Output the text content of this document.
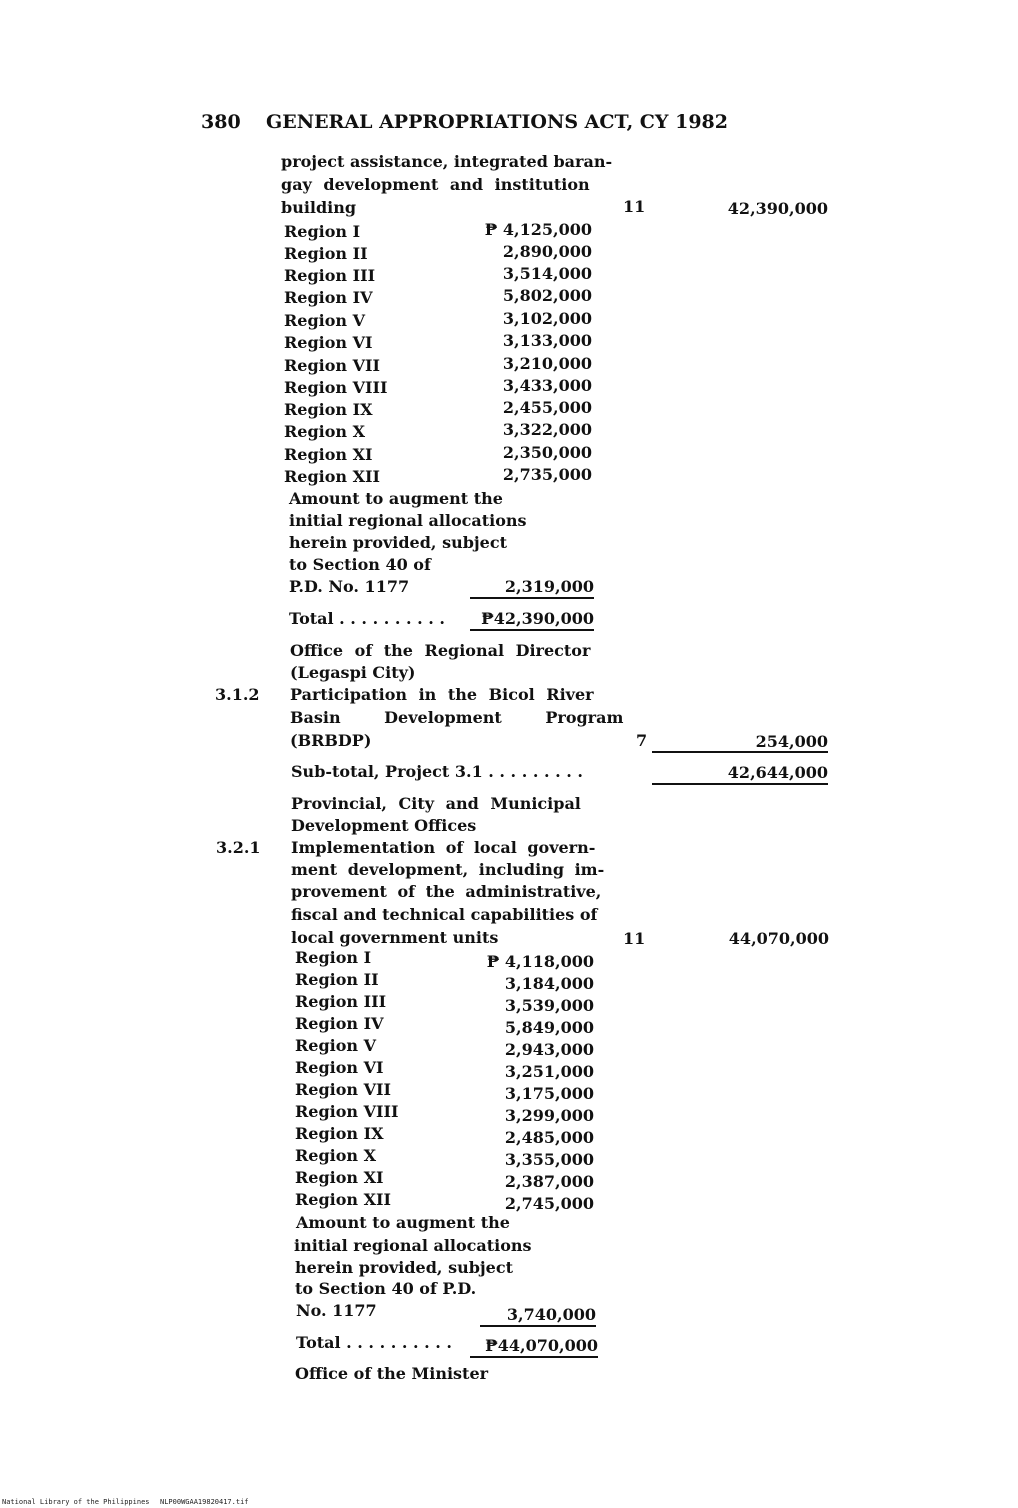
380 GENERAL APPROPRIATIONS ACT, CY 1982
project assistance, integrated baran-
gay development and institution
building	11	42,390,000
Region I	₱ 4,125,000
Region II	2,890,000
Region III	3,514,000
Region IV	5,802,000
Region V	3,102,000
Region VI	3,133,000
Region VII	3,210,000
Region VIII	3,433,000
Region IX	2,455,000
Region X	3,322,000
Region XI	2,350,000
Region XII	2,735,000
Amount to augment the
initial regional allocations
herein provided, subject
to Section 40 of
P.D. No. 1177	2,319,000
Total . . . . . . . . . .	₱42,390,000
Office of the Regional Director
(Legaspi City)
3.1.2 Participation in the Bicol River
Basin Development Program
(BRBDP)	7	254,000
Sub-total, Project 3.1 . . . . . . . . .	42,644,000
Provincial, City and Municipal
Development Offices
3.2.1 Implementation of local govern-
ment development, including im-
provement of the administrative,
fiscal and technical capabilities of
local government units	11	44,070,000
Region I	₱ 4,118,000
Region II	3,184,000
Region III	3,539,000
Region IV	5,849,000
Region V	2,943,000
Region VI	3,251,000
Region VII	3,175,000
Region VIII	3,299,000
Region IX	2,485,000
Region X	3,355,000
Region XI	2,387,000
Region XII	2,745,000
Amount to augment the
initial regional allocations
herein provided, subject
to Section 40 of P.D.
No. 1177	3,740,000
Total . . . . . . . . . .	₱44,070,000
Office of the Minister
National Library of the Philippines NLP00WGAA19820417.tif
